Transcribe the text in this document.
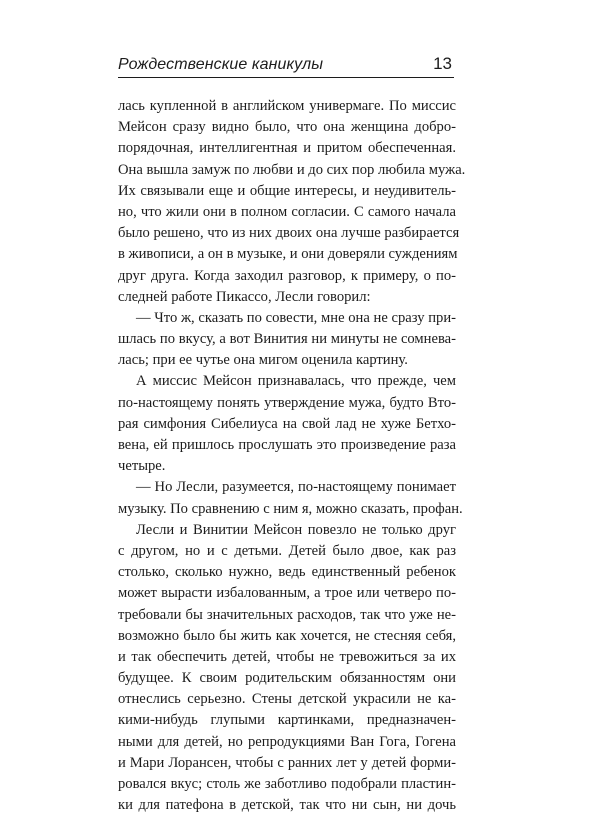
Рождественские каникулы	13
лась купленной в английском универмаге. По миссис
Мейсон сразу видно было, что она женщина добро-
порядочная, интеллигентная и притом обеспеченная.
Она вышла замуж по любви и до сих пор любила мужа.
Их связывали еще и общие интересы, и неудивитель-
но, что жили они в полном согласии. С самого начала
было решено, что из них двоих она лучше разбирается
в живописи, а он в музыке, и они доверяли суждениям
друг друга. Когда заходил разговор, к примеру, о по-
следней работе Пикассо, Лесли говорил:
— Что ж, сказать по совести, мне она не сразу при-
шлась по вкусу, а вот Винития ни минуты не сомнева-
лась; при ее чутье она мигом оценила картину.
А миссис Мейсон признавалась, что прежде, чем
по-настоящему понять утверждение мужа, будто Вто-
рая симфония Сибелиуса на свой лад не хуже Бетхо-
вена, ей пришлось прослушать это произведение раза
четыре.
— Но Лесли, разумеется, по-настоящему понимает
музыку. По сравнению с ним я, можно сказать, профан.
Лесли и Винитии Мейсон повезло не только друг
с другом, но и с детьми. Детей было двое, как раз
столько, сколько нужно, ведь единственный ребенок
может вырасти избалованным, а трое или четверо по-
требовали бы значительных расходов, так что уже не-
возможно было бы жить как хочется, не стесняя себя,
и так обеспечить детей, чтобы не тревожиться за их
будущее. К своим родительским обязанностям они
отнеслись серьезно. Стены детской украсили не ка-
кими-нибудь глупыми картинками, предназначен-
ными для детей, но репродукциями Ван Гога, Гогена
и Мари Лорансен, чтобы с ранних лет у детей форми-
ровался вкус; столь же заботливо подобрали пластин-
ки для патефона в детской, так что ни сын, ни дочь
